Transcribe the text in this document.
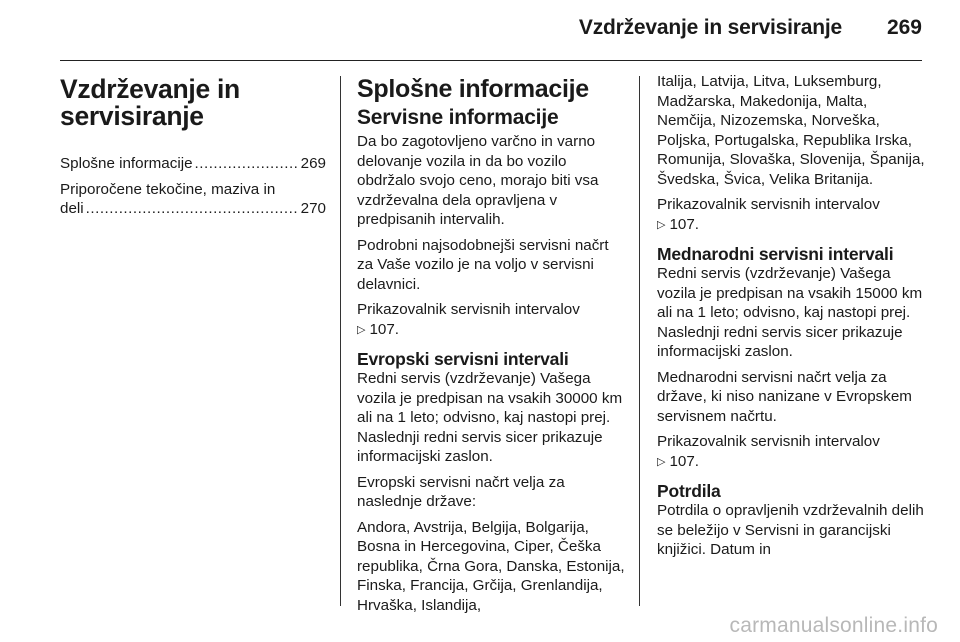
Vzdrževanje in servisiranje 269
Vzdrževanje in servisiranje
Splošne informacije .....	269
Priporočene tekočine, maziva in
deli .....	270
Splošne informacije
Servisne informacije

Da bo zagotovljeno varčno in varno delovanje vozila in da bo vozilo obdržalo svojo ceno, morajo biti vsa vzdrževalna dela opravljena v predpisanih intervalih.

Podrobni najsodobnejši servisni načrt za Vaše vozilo je na voljo v servisni delavnici.

Prikazovalnik servisnih intervalov
▷ 107.

Evropski servisni intervali

Redni servis (vzdrževanje) Vašega vozila je predpisan na vsakih 30000 km ali na 1 leto; odvisno, kaj nastopi prej. Naslednji redni servis sicer prikazuje informacijski zaslon.

Evropski servisni načrt velja za naslednje države:

Andora, Avstrija, Belgija, Bolgarija, Bosna in Hercegovina, Ciper, Češka republika, Črna Gora, Danska, Estonija, Finska, Francija, Grčija, Grenlandija, Hrvaška, Islandija,

Italija, Latvija, Litva, Luksemburg, Madžarska, Makedonija, Malta, Nemčija, Nizozemska, Norveška, Poljska, Portugalska, Republika Irska, Romunija, Slovaška, Slovenija, Španija, Švedska, Švica, Velika Britanija.

Prikazovalnik servisnih intervalov
▷ 107.

Mednarodni servisni intervali

Redni servis (vzdrževanje) Vašega vozila je predpisan na vsakih 15000 km ali na 1 leto; odvisno, kaj nastopi prej. Naslednji redni servis sicer prikazuje informacijski zaslon.

Mednarodni servisni načrt velja za države, ki niso nanizane v Evropskem servisnem načrtu.

Prikazovalnik servisnih intervalov
▷ 107.

Potrdila

Potrdila o opravljenih vzdrževalnih delih se beležijo v Servisni in garancijski knjižici. Datum in

carmanualsonline.info
